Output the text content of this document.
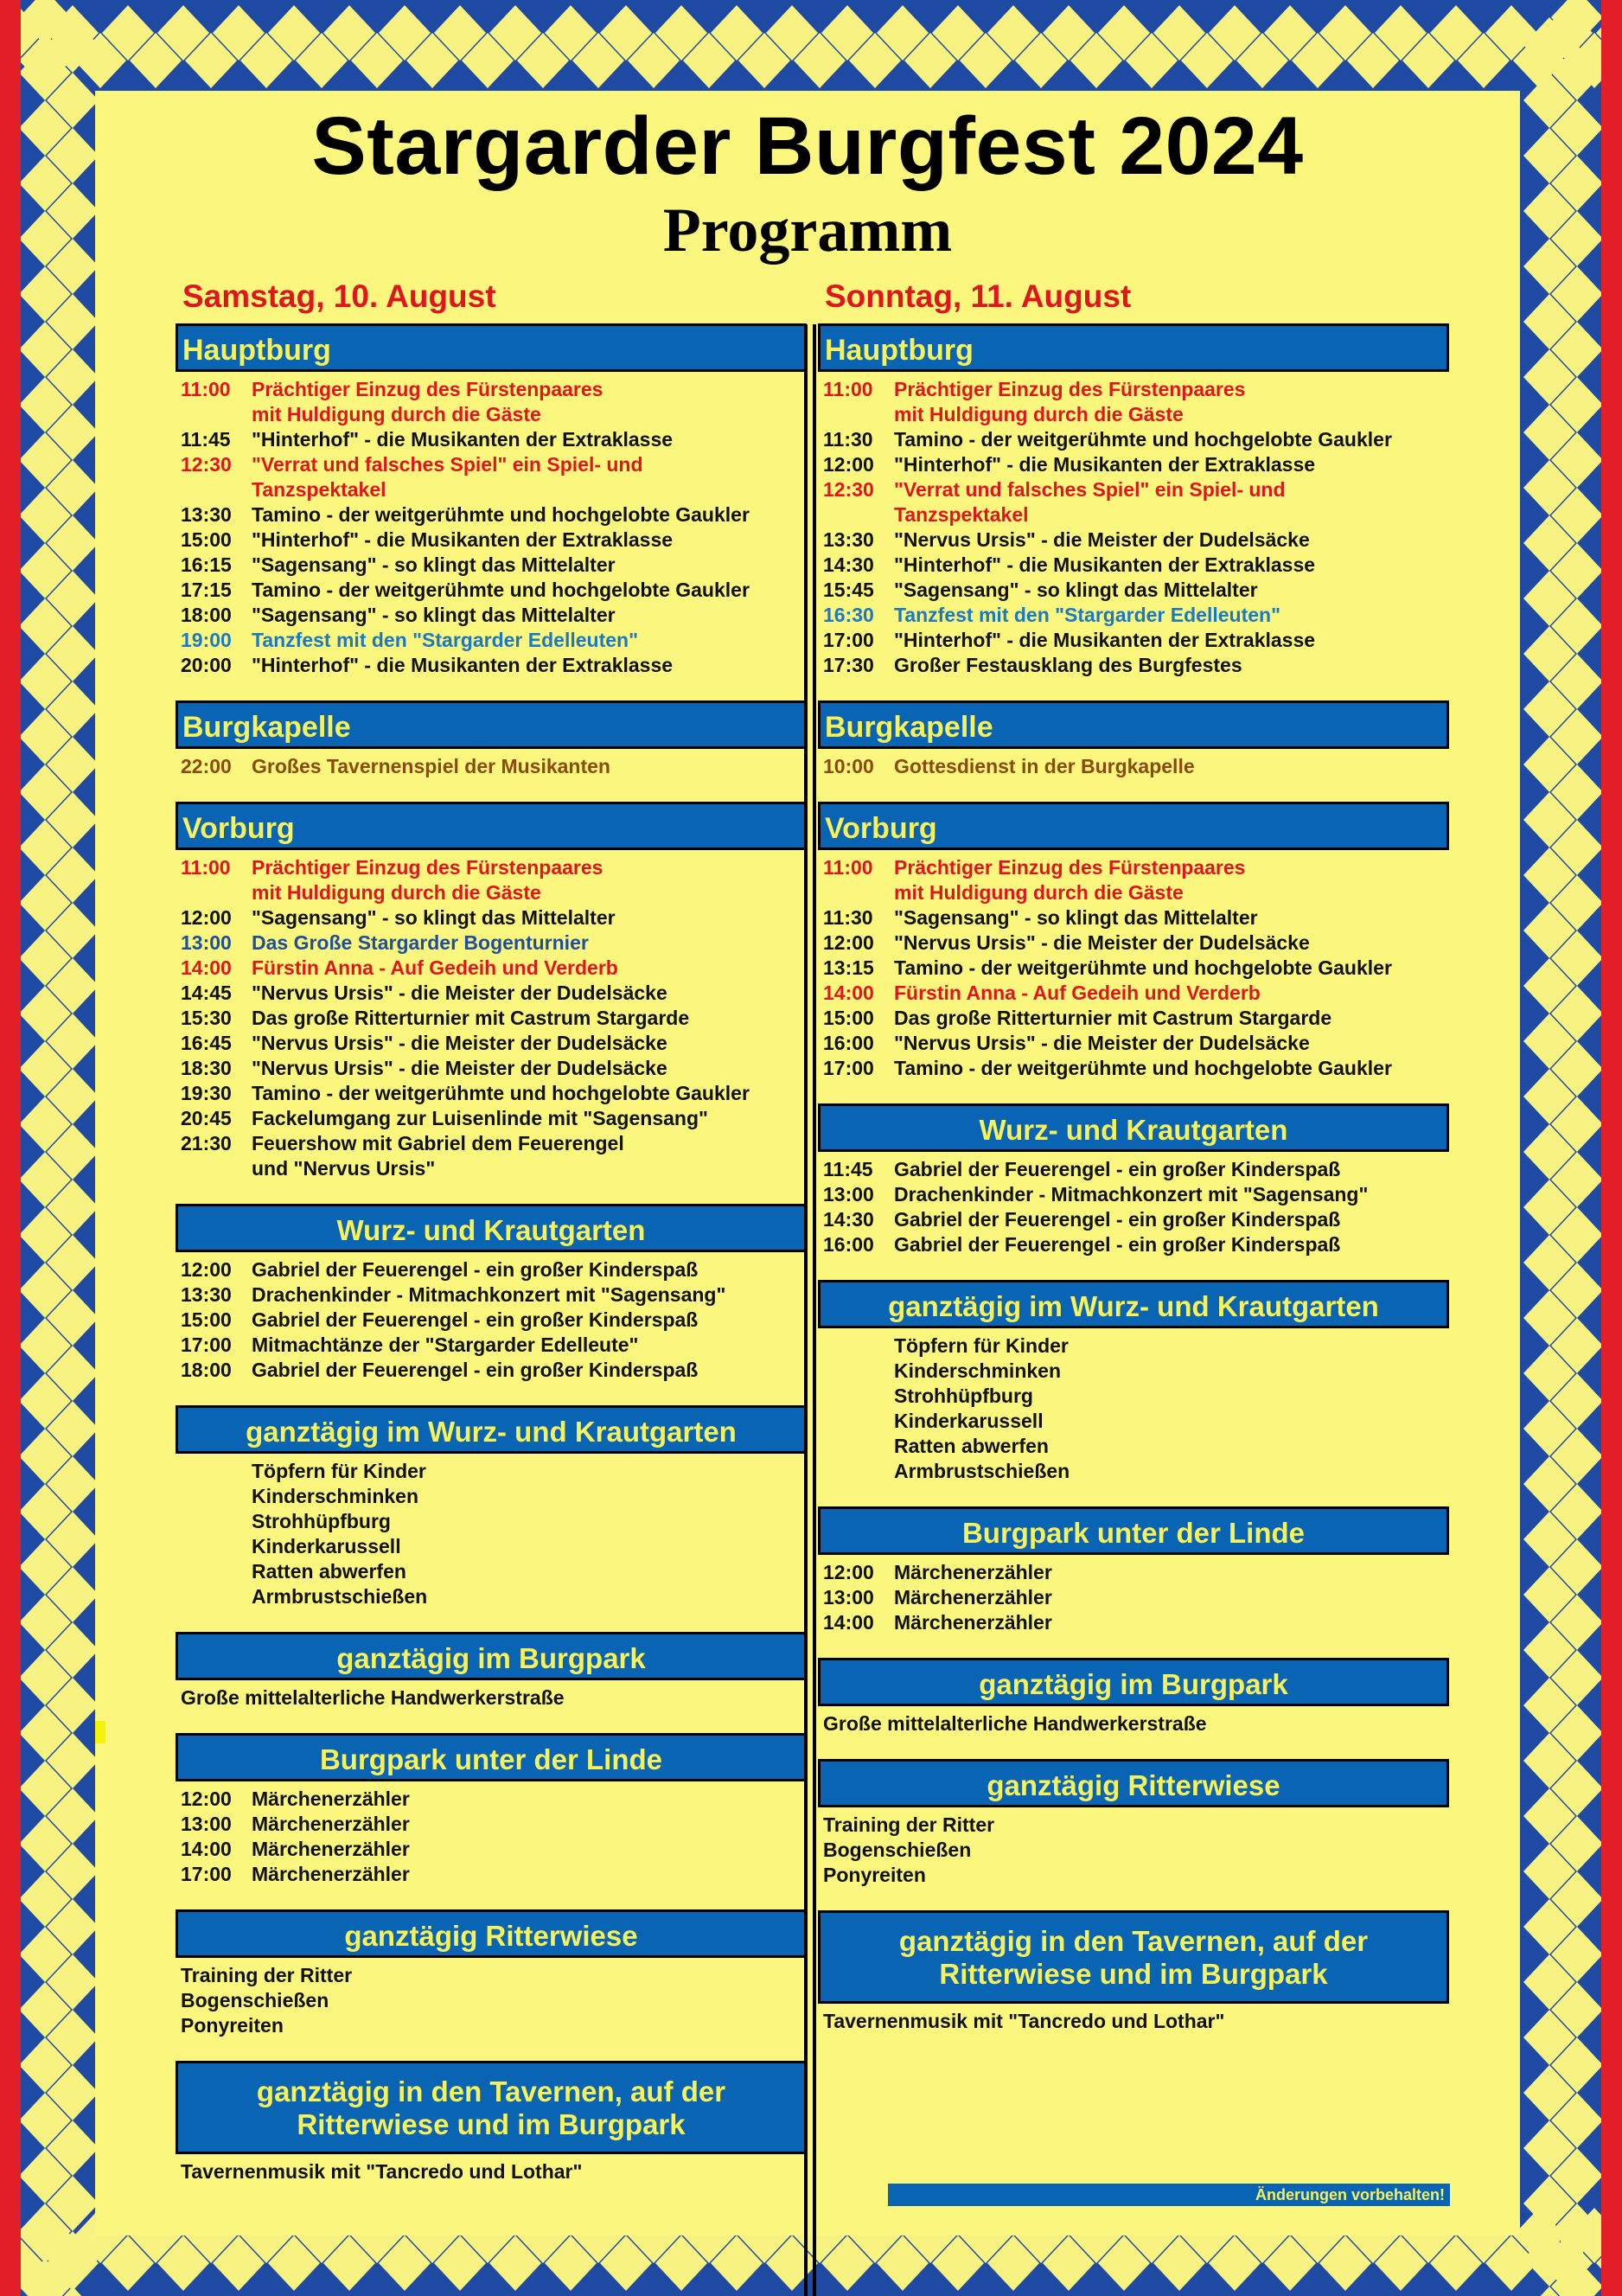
Stargarder Burgfest 2024
Programm
Samstag, 10. August
Hauptburg
11:00	Prächtiger Einzug des Fürstenpaares
mit Huldigung durch die Gäste
11:45	"Hinterhof" - die Musikanten der Extraklasse
12:30	"Verrat und falsches Spiel" ein Spiel- und
Tanzspektakel
13:30	Tamino - der weitgerühmte und hochgelobte Gaukler
15:00	"Hinterhof" - die Musikanten der Extraklasse
16:15	"Sagensang" - so klingt das Mittelalter
17:15	Tamino - der weitgerühmte und hochgelobte Gaukler
18:00	"Sagensang" - so klingt das Mittelalter
19:00	Tanzfest mit den "Stargarder Edelleuten"
20:00	"Hinterhof" - die Musikanten der Extraklasse
Burgkapelle
22:00	Großes Tavernenspiel der Musikanten
Vorburg
11:00	Prächtiger Einzug des Fürstenpaares
mit Huldigung durch die Gäste
12:00	"Sagensang" - so klingt das Mittelalter
13:00	Das Große Stargarder Bogenturnier
14:00	Fürstin Anna - Auf Gedeih und Verderb
14:45	"Nervus Ursis" - die Meister der Dudelsäcke
15:30	Das große Ritterturnier mit Castrum Stargarde
16:45	"Nervus Ursis" - die Meister der Dudelsäcke
18:30	"Nervus Ursis" - die Meister der Dudelsäcke
19:30	Tamino - der weitgerühmte und hochgelobte Gaukler
20:45	Fackelumgang zur Luisenlinde mit "Sagensang"
21:30	Feuershow mit Gabriel dem Feuerengel
und "Nervus Ursis"
Wurz- und Krautgarten
12:00	Gabriel der Feuerengel - ein großer Kinderspaß
13:30	Drachenkinder - Mitmachkonzert mit "Sagensang"
15:00	Gabriel der Feuerengel - ein großer Kinderspaß
17:00	Mitmachtänze der "Stargarder Edelleute"
18:00	Gabriel der Feuerengel - ein großer Kinderspaß
ganztägig im Wurz- und Krautgarten
Töpfern für Kinder
Kinderschminken
Strohhüpfburg
Kinderkarussell
Ratten abwerfen
Armbrustschießen
ganztägig im Burgpark
Große mittelalterliche Handwerkerstraße
Burgpark unter der Linde
12:00	Märchenerzähler
13:00	Märchenerzähler
14:00	Märchenerzähler
17:00	Märchenerzähler
ganztägig Ritterwiese
Training der Ritter
Bogenschießen
Ponyreiten
ganztägig in den Tavernen, auf der Ritterwiese und im Burgpark
Tavernenmusik mit "Tancredo und Lothar"
Sonntag, 11. August
Hauptburg
11:00	Prächtiger Einzug des Fürstenpaares
mit Huldigung durch die Gäste
11:30	Tamino - der weitgerühmte und hochgelobte Gaukler
12:00	"Hinterhof" - die Musikanten der Extraklasse
12:30	"Verrat und falsches Spiel" ein Spiel- und
Tanzspektakel
13:30	"Nervus Ursis" - die Meister der Dudelsäcke
14:30	"Hinterhof" - die Musikanten der Extraklasse
15:45	"Sagensang" - so klingt das Mittelalter
16:30	Tanzfest mit den "Stargarder Edelleuten"
17:00	"Hinterhof" - die Musikanten der Extraklasse
17:30	Großer Festausklang des Burgfestes
Burgkapelle
10:00	Gottesdienst in der Burgkapelle
Vorburg
11:00	Prächtiger Einzug des Fürstenpaares
mit Huldigung durch die Gäste
11:30	"Sagensang" - so klingt das Mittelalter
12:00	"Nervus Ursis" - die Meister der Dudelsäcke
13:15	Tamino - der weitgerühmte und hochgelobte Gaukler
14:00	Fürstin Anna - Auf Gedeih und Verderb
15:00	Das große Ritterturnier mit Castrum Stargarde
16:00	"Nervus Ursis" - die Meister der Dudelsäcke
17:00	Tamino - der weitgerühmte und hochgelobte Gaukler
Wurz- und Krautgarten
11:45	Gabriel der Feuerengel - ein großer Kinderspaß
13:00	Drachenkinder - Mitmachkonzert mit "Sagensang"
14:30	Gabriel der Feuerengel - ein großer Kinderspaß
16:00	Gabriel der Feuerengel - ein großer Kinderspaß
ganztägig im Wurz- und Krautgarten
Töpfern für Kinder
Kinderschminken
Strohhüpfburg
Kinderkarussell
Ratten abwerfen
Armbrustschießen
Burgpark unter der Linde
12:00	Märchenerzähler
13:00	Märchenerzähler
14:00	Märchenerzähler
ganztägig im Burgpark
Große mittelalterliche Handwerkerstraße
ganztägig Ritterwiese
Training der Ritter
Bogenschießen
Ponyreiten
ganztägig in den Tavernen, auf der Ritterwiese und im Burgpark
Tavernenmusik mit "Tancredo und Lothar"
Änderungen vorbehalten!
